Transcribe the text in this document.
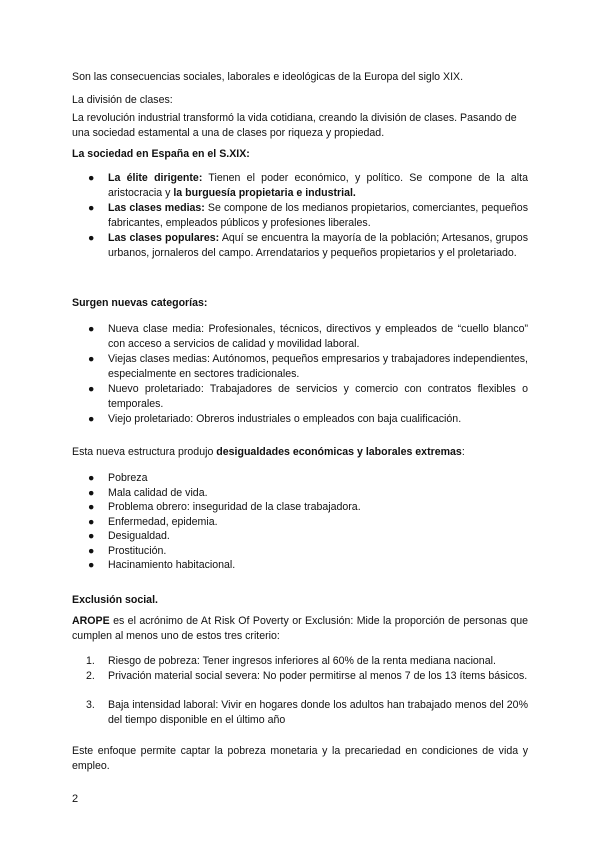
Son las consecuencias sociales, laborales e ideológicas de la Europa del siglo XIX.

La división de clases:

La revolución industrial transformó la vida cotidiana, creando la división de clases. Pasando de una sociedad estamental a una de clases por riqueza y propiedad.

La sociedad en España en el S.XIX:

●	La élite dirigente: Tienen el poder económico, y político. Se compone de la alta aristocracia y la burguesía propietaria e industrial.

●	Las clases medias: Se compone de los medianos propietarios, comerciantes, pequeños fabricantes, empleados públicos y profesiones liberales.

●	Las clases populares: Aquí se encuentra la mayoría de la población; Artesanos, grupos urbanos, jornaleros del campo. Arrendatarios y pequeños propietarios y el proletariado.

Surgen nuevas categorías:

●	Nueva clase media: Profesionales, técnicos, directivos y empleados de “cuello blanco” con acceso a servicios de calidad y movilidad laboral.

●	Viejas clases medias: Autónomos, pequeños empresarios y trabajadores independientes, especialmente en sectores tradicionales.

●	Nuevo proletariado: Trabajadores de servicios y comercio con contratos flexibles o temporales.

●	Viejo proletariado: Obreros industriales o empleados con baja cualificación.

Esta nueva estructura produjo desigualdades económicas y laborales extremas:

●	Pobreza

●	Mala calidad de vida.

●	Problema obrero: inseguridad de la clase trabajadora.

●	Enfermedad, epidemia.

●	Desigualdad.

●	Prostitución.

●	Hacinamiento habitacional.

Exclusión social.

AROPE es el acrónimo de At Risk Of Poverty or Exclusión: Mide la proporción de personas que cumplen al menos uno de estos tres criterio:

1.	Riesgo de pobreza: Tener ingresos inferiores al 60% de la renta mediana nacional.

2.	Privación material social severa: No poder permitirse al menos 7 de los 13 ítems básicos.

3.	Baja intensidad laboral: Vivir en hogares donde los adultos han trabajado menos del 20% del tiempo disponible en el último año

Este enfoque permite captar la pobreza monetaria y la precariedad en condiciones de vida y empleo.

2
